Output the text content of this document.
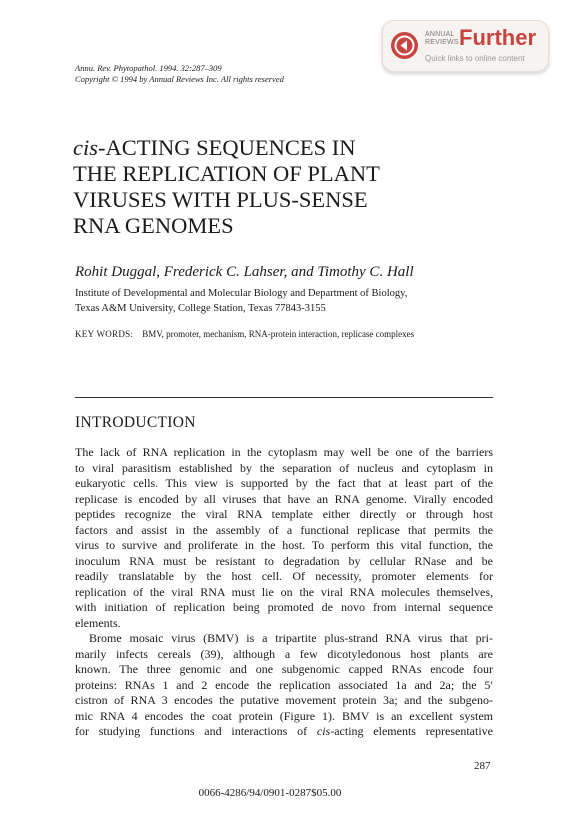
ANNUAL REVIEWS Further
Quick links to online content
Annu. Rev. Phytopathol. 1994. 32:287–309
Copyright © 1994 by Annual Reviews Inc. All rights reserved
cis-ACTING SEQUENCES IN
THE REPLICATION OF PLANT
VIRUSES WITH PLUS-SENSE
RNA GENOMES
Rohit Duggal, Frederick C. Lahser, and Timothy C. Hall
Institute of Developmental and Molecular Biology and Department of Biology,
Texas A&M University, College Station, Texas 77843-3155
KEY WORDS: BMV, promoter, mechanism, RNA-protein interaction, replicase complexes
INTRODUCTION
The lack of RNA replication in the cytoplasm may well be one of the barriers
to viral parasitism established by the separation of nucleus and cytoplasm in
eukaryotic cells. This view is supported by the fact that at least part of the
replicase is encoded by all viruses that have an RNA genome. Virally encoded
peptides recognize the viral RNA template either directly or through host
factors and assist in the assembly of a functional replicase that permits the
virus to survive and proliferate in the host. To perform this vital function, the
inoculum RNA must be resistant to degradation by cellular RNase and be
readily translatable by the host cell. Of necessity, promoter elements for
replication of the viral RNA must lie on the viral RNA molecules themselves,
with initiation of replication being promoted de novo from internal sequence
elements.
Brome mosaic virus (BMV) is a tripartite plus-strand RNA virus that pri-
marily infects cereals (39), although a few dicotyledonous host plants are
known. The three genomic and one subgenomic capped RNAs encode four
proteins: RNAs 1 and 2 encode the replication associated 1a and 2a; the 5′
cistron of RNA 3 encodes the putative movement protein 3a; and the subgeno-
mic RNA 4 encodes the coat protein (Figure 1). BMV is an excellent system
for studying functions and interactions of cis-acting elements representative
287
0066-4286/94/0901-0287$05.00
